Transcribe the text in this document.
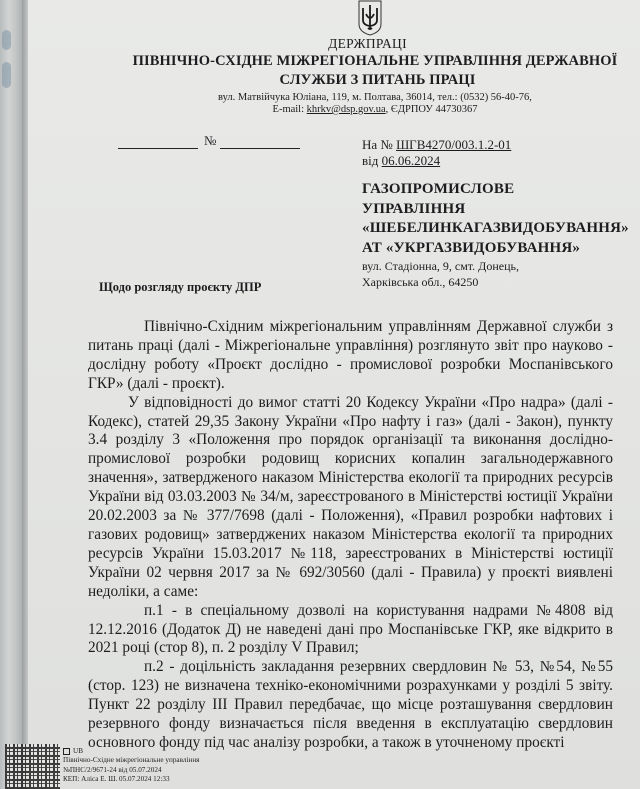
ДЕРЖПРАЦІ
ПІВНІЧНО-СХІДНЕ МІЖРЕГІОНАЛЬНЕ УПРАВЛІННЯ ДЕРЖАВНОЇ
СЛУЖБИ З ПИТАНЬ ПРАЦІ
вул. Матвійчука Юліана, 119, м. Полтава, 36014, тел.: (0532) 56-40-76,
E-mail: khrkv@dsp.gov.ua, ЄДРПОУ 44730367
№	На № ШГВ4270/003.1.2-01
від 06.06.2024
ГАЗОПРОМИСЛОВЕ
УПРАВЛІННЯ
«ШЕБЕЛИНКАГАЗВИДОБУВАННЯ»
АТ «УКРГАЗВИДОБУВАННЯ»
вул. Стадіонна, 9, смт. Донець,
Харківська обл., 64250
Щодо розгляду проєкту ДПР

Північно-Східним міжрегіональним управлінням Державної служби з питань праці (далі - Міжрегіональне управління) розглянуто звіт про науково - дослідну роботу «Проєкт дослідно - промислової розробки Моспанівського ГКР» (далі - проєкт).

У відповідності до вимог статті 20 Кодексу України «Про надра» (далі - Кодекс), статей 29,35 Закону України «Про нафту і газ» (далі - Закон), пункту 3.4 розділу 3 «Положення про порядок організації та виконання дослідно-промислової розробки родовищ корисних копалин загальнодержавного значення», затвердженого наказом Міністерства екології та природних ресурсів України від 03.03.2003 № 34/м, зареєстрованого в Міністерстві юстиції України 20.02.2003 за № 377/7698 (далі - Положення), «Правил розробки нафтових і газових родовищ» затверджених наказом Міністерства екології та природних ресурсів України 15.03.2017 №118, зареєстрованих в Міністерстві юстиції України 02 червня 2017 за № 692/30560 (далі - Правила) у проєкті виявлені недоліки, а саме:

п.1 - в спеціальному дозволі на користування надрами №4808 від 12.12.2016 (Додаток Д) не наведені дані про Моспанівське ГКР, яке відкрито в 2021 році (стор 8), п. 2 розділу V Правил;

п.2 - доцільність закладання резервних свердловин № 53, №54, №55 (стор. 123) не визначена техніко-економічними розрахунками у розділі 5 звіту. Пункт 22 розділу III Правил передбачає, що місце розташування свердловин резервного фонду визначається після введення в експлуатацію свердловин основного фонду під час аналізу розробки, а також в уточненому проєкті

UB
Північно-Східне міжрегіональне управління
№ПНС/2/9671-24 від 05.07.2024
КЕП: Аліса Е. Ш. 05.07.2024 12:33
